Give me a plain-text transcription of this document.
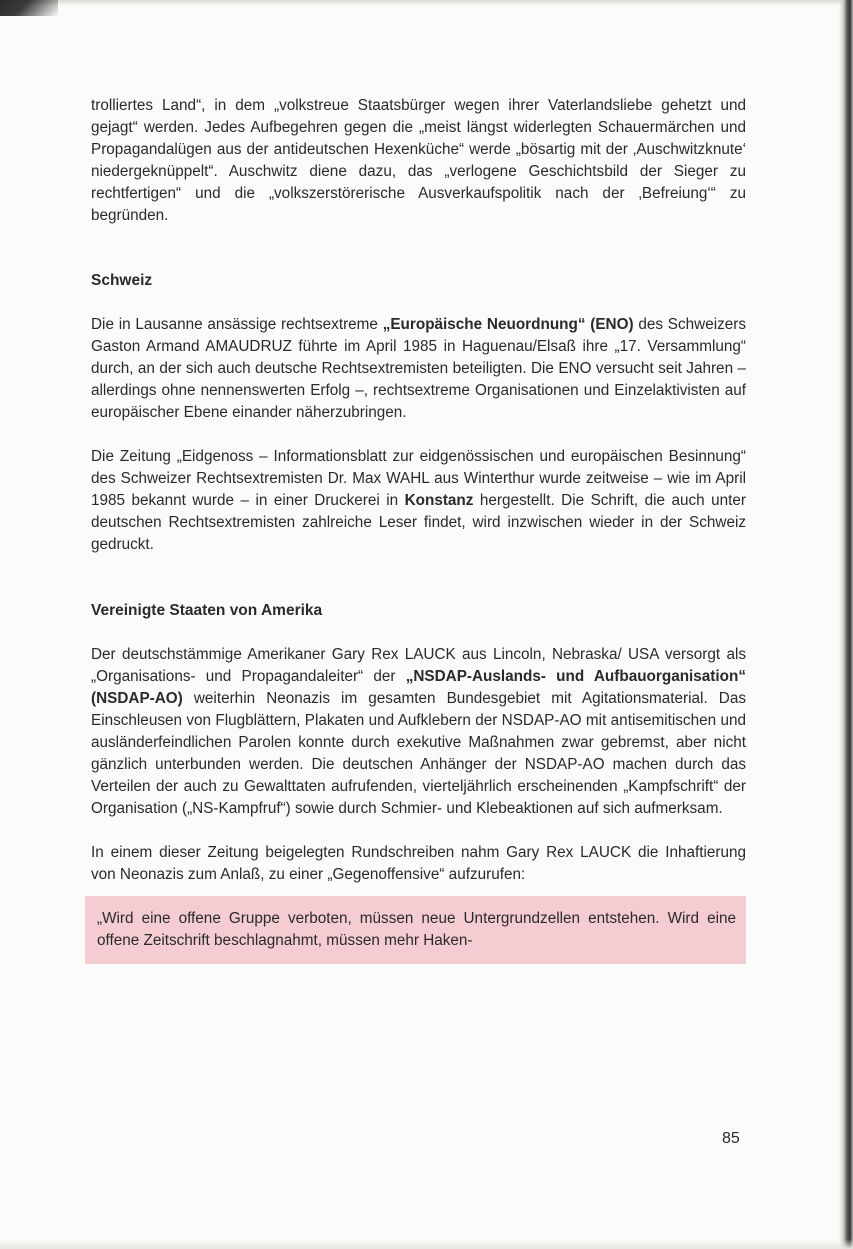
trolliertes Land“, in dem „volkstreue Staatsbürger wegen ihrer Vaterlandsliebe gehetzt und gejagt“ werden. Jedes Aufbegehren gegen die „meist längst widerlegten Schauermärchen und Propagandalügen aus der antideutschen Hexenküche“ werde „bösartig mit der ‚Auschwitzknute‘ niedergeknüppelt“. Auschwitz diene dazu, das „verlogene Geschichtsbild der Sieger zu rechtfertigen“ und die „volkszerstörerische Ausverkaufspolitik nach der ‚Befreiung‘“ zu begründen.

Schweiz

Die in Lausanne ansässige rechtsextreme „Europäische Neuordnung“ (ENO) des Schweizers Gaston Armand AMAUDRUZ führte im April 1985 in Haguenau/Elsaß ihre „17. Versammlung“ durch, an der sich auch deutsche Rechtsextremisten beteiligten. Die ENO versucht seit Jahren – allerdings ohne nennenswerten Erfolg –, rechtsextreme Organisationen und Einzelaktivisten auf europäischer Ebene einander näherzubringen.

Die Zeitung „Eidgenoss – Informationsblatt zur eidgenössischen und europäischen Besinnung“ des Schweizer Rechtsextremisten Dr. Max WAHL aus Winterthur wurde zeitweise – wie im April 1985 bekannt wurde – in einer Druckerei in Konstanz hergestellt. Die Schrift, die auch unter deutschen Rechtsextremisten zahlreiche Leser findet, wird inzwischen wieder in der Schweiz gedruckt.

Vereinigte Staaten von Amerika

Der deutschstämmige Amerikaner Gary Rex LAUCK aus Lincoln, Nebraska/ USA versorgt als „Organisations- und Propagandaleiter“ der „NSDAP-Auslands- und Aufbauorganisation“ (NSDAP-AO) weiterhin Neonazis im gesamten Bundesgebiet mit Agitationsmaterial. Das Einschleusen von Flugblättern, Plakaten und Aufklebern der NSDAP-AO mit antisemitischen und ausländerfeindlichen Parolen konnte durch exekutive Maßnahmen zwar gebremst, aber nicht gänzlich unterbunden werden. Die deutschen Anhänger der NSDAP-AO machen durch das Verteilen der auch zu Gewalttaten aufrufenden, vierteljährlich erscheinenden „Kampfschrift“ der Organisation („NS-Kampfruf“) sowie durch Schmier- und Klebeaktionen auf sich aufmerksam.

In einem dieser Zeitung beigelegten Rundschreiben nahm Gary Rex LAUCK die Inhaftierung von Neonazis zum Anlaß, zu einer „Gegenoffensive“ aufzurufen:

„Wird eine offene Gruppe verboten, müssen neue Untergrundzellen entstehen. Wird eine offene Zeitschrift beschlagnahmt, müssen mehr Haken-

85
